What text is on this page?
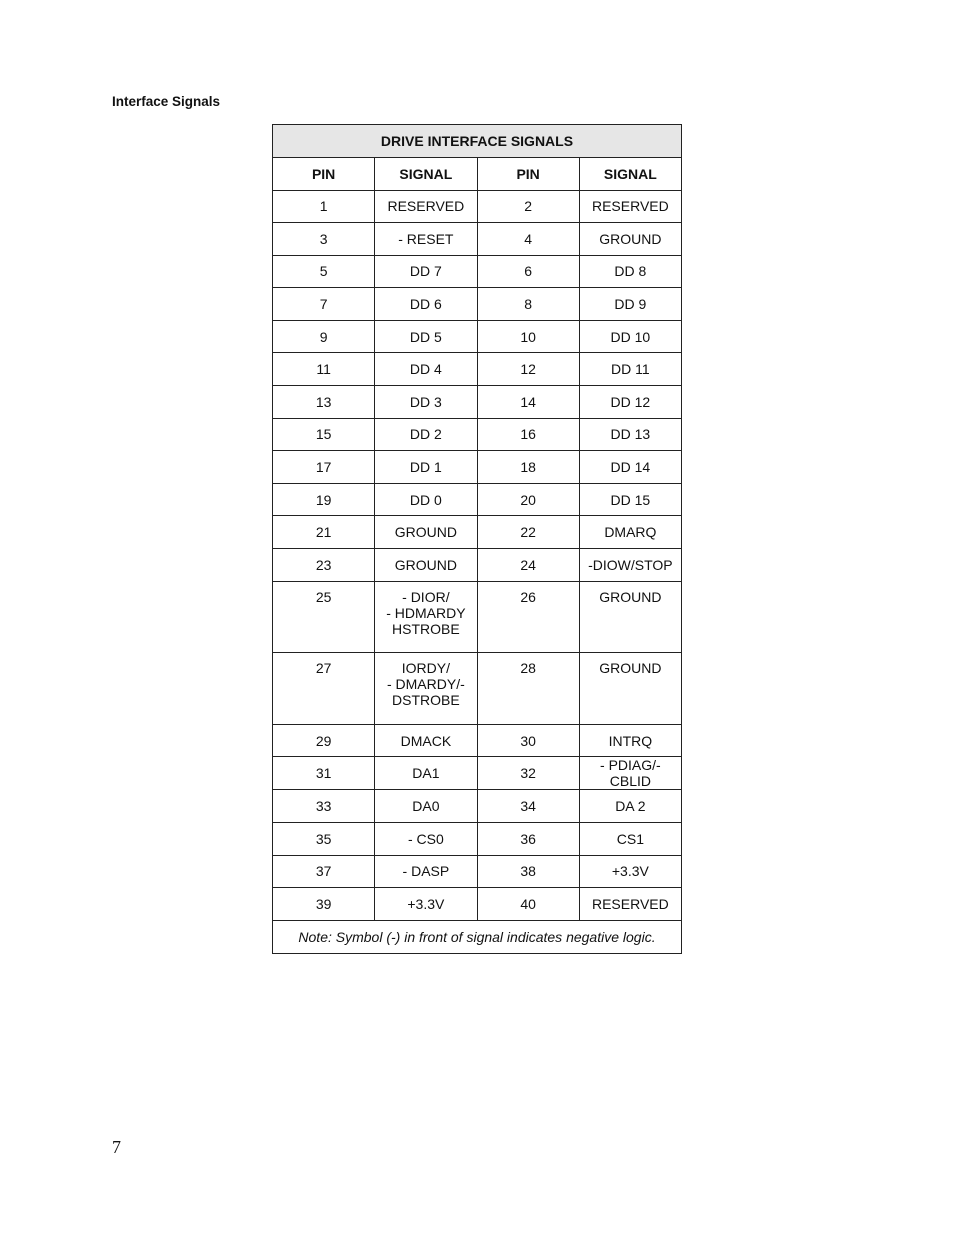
Interface Signals
DRIVE INTERFACE SIGNALS			
PIN	SIGNAL	PIN	SIGNAL
1	RESERVED	2	RESERVED
3	- RESET	4	GROUND
5	DD 7	6	DD 8
7	DD 6	8	DD 9
9	DD 5	10	DD 10
11	DD 4	12	DD 11
13	DD 3	14	DD 12
15	DD 2	16	DD 13
17	DD 1	18	DD 14
19	DD 0	20	DD 15
21	GROUND	22	DMARQ
23	GROUND	24	-DIOW/STOP
25	- DIOR/
- HDMARDY
HSTROBE	26	GROUND
27	IORDY/
- DMARDY/-
DSTROBE	28	GROUND
29	DMACK	30	INTRQ
31	DA1	32	- PDIAG/-CBLID
33	DA0	34	DA 2
35	- CS0	36	CS1
37	- DASP	38	+3.3V
39	+3.3V	40	RESERVED
Note: Symbol (-) in front of signal indicates negative logic.			
7
